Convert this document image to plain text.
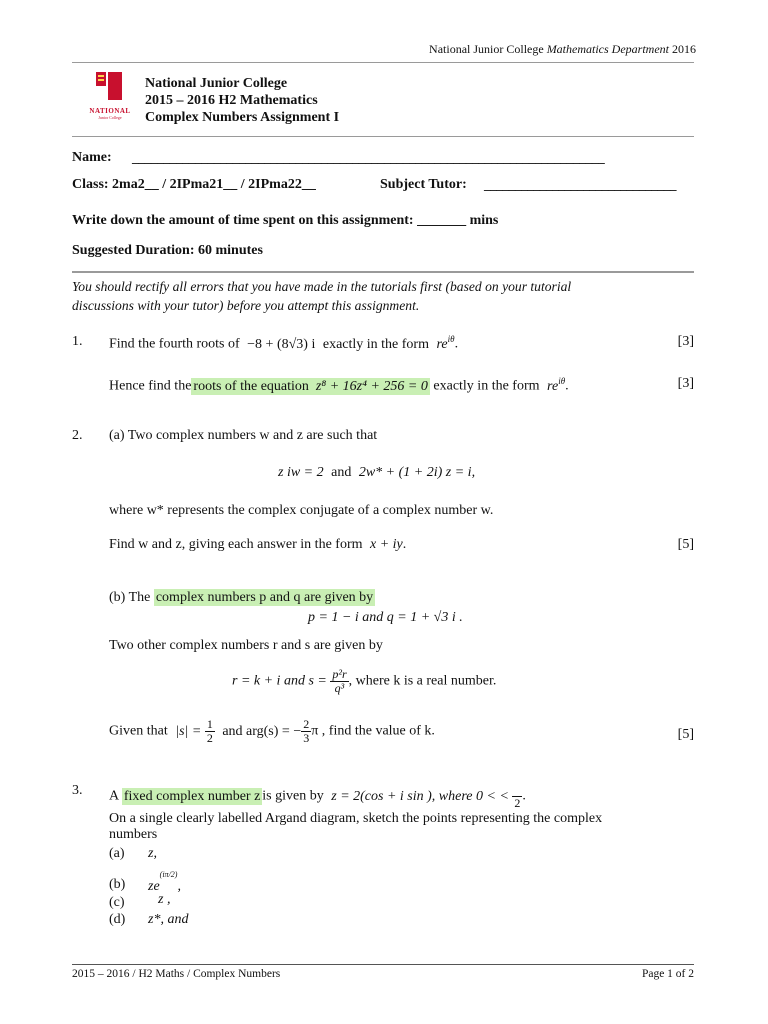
National Junior College Mathematics Department 2016
NATIONAL
Junior College
National Junior College
2015 – 2016 H2 Mathematics
Complex Numbers Assignment I
Name: ___________________________________________________________________________
Class: 2ma2__ / 2IPma21__ / 2IPma22__	Subject Tutor: _______________________________
Write down the amount of time spent on this assignment: _______ mins
Suggested Duration: 60 minutes
You should rectify all errors that you have made in the tutorials first (based on your tutorial
discussions with your tutor) before you attempt this assignment.
1. Find the fourth roots of −8 + (8√3) i exactly in the form $re^{i\theta}$.	[3]
Hence find the roots of the equation z⁸ + 16z⁴ + 256 = 0 exactly in the form $re^{i\theta}$.	[3]
2. (a) Two complex numbers w and z are such that
z iw = 2 and 2w* + (1 + 2i) z = i,
where w* represents the complex conjugate of a complex number w.
Find w and z, giving each answer in the form x + iy.	[5]
(b) The complex numbers p and q are given by
p = 1 − i and q = 1 + √3 i .
Two other complex numbers r and s are given by
r = k + i and $s = \frac{\text{p²r}}{\text{q³}}$ , where k is a real number.
Given that $|s| = \frac{1}{2}$ and arg(s) = − $\frac{2}{3}$ π , find the value of k.	[5]
3. A fixed complex number z is given by z = 2(cos + i sin ), where 0 < <
2 .
On a single clearly labelled Argand diagram, sketch the points representing the complex
numbers
(a) z,
(b) $ze^{(i\pi/2)}$,
(c) z ,
(d) z*, and
2015 – 2016 / H2 Maths / Complex Numbers	Page 1 of 2
